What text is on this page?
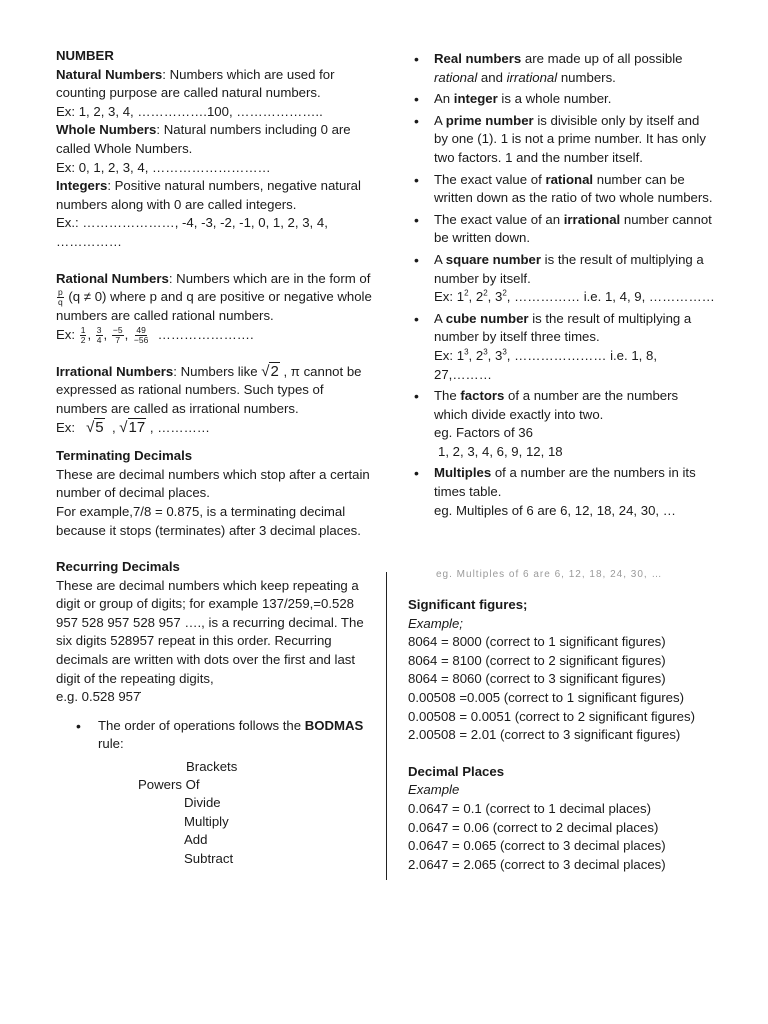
NUMBER

Natural Numbers: Numbers which are used for counting purpose are called natural numbers.

Ex: 1, 2, 3, 4, …………….100, ………………..

Whole Numbers: Natural numbers including 0 are called Whole Numbers.

Ex: 0, 1, 2, 3, 4, ………………………

Integers: Positive natural numbers, negative natural numbers along with 0 are called integers.

Ex.: …………………, -4, -3, -2, -1, 0, 1, 2, 3, 4, ……………

Rational Numbers: Numbers which are in the form of
$\frac{p}{q} (q \ne 0)$ where p and q are positive or negative whole numbers are called rational numbers.

Ex: $\frac{1}{2}$ , $\frac{3}{4}$ , $\frac{-5}{7}$ , $\frac{49}{-56}$ ………………….

Irrational Numbers: Numbers like √2 , π cannot be expressed as rational numbers. Such types of numbers are called as irrational numbers.

Ex: √5  , √17 , …………

Terminating Decimals

These are decimal numbers which stop after a certain number of decimal places.

For example,7/8 = 0.875, is a terminating decimal because it stops (terminates) after 3 decimal places.

Recurring Decimals

These are decimal numbers which keep repeating a digit or group of digits; for example 137/259,=0.528 957 528 957 528 957 …., is a recurring decimal. The six digits 528957 repeat in this order. Recurring decimals are written with dots over the first and last digit of the repeating digits,

e.g. 0.5̇28 957̇

• The order of operations follows the BODMAS rule:
Brackets
Powers Of
Divide
Multiply
Add
Subtract
• Real numbers are made up of all possible rational and irrational numbers.
• An integer is a whole number.
• A prime number is divisible only by itself and by one (1). 1 is not a prime number. It has only two factors. 1 and the number itself.
• The exact value of rational number can be written down as the ratio of two whole numbers.
• The exact value of an irrational number cannot be written down.
• A square number is the result of multiplying a number by itself.

Ex: $1^2$, $2^2$, $3^2$, …………… i.e. 1, 4, 9, ……………

• A cube number is the result of multiplying a number by itself three times.

Ex: $1^3$, $2^3$, $3^3$, ………………… i.e. 1, 8, 27,………

• The factors of a number are the numbers which divide exactly into two.

eg. Factors of 36

1, 2, 3, 4, 6, 9, 12, 18

• Multiples of a number are the numbers in its times table.

eg. Multiples of 6 are 6, 12, 18, 24, 30, …

eg. Multiples of 6 are 6, 12, 18, 24, 30, …

Significant figures;

Example;

8064 = 8000 (correct to 1 significant figures)

8064 = 8100 (correct to 2 significant figures)

8064 = 8060 (correct to 3 significant figures)

0.00508 =0.005 (correct to 1 significant figures)

0.00508 = 0.0051 (correct to 2 significant figures)

2.00508 = 2.01 (correct to 3 significant figures)

Decimal Places

Example

0.0647 = 0.1 (correct to 1 decimal places)

0.0647 = 0.06 (correct to 2 decimal places)

0.0647 = 0.065 (correct to 3 decimal places)

2.0647 = 2.065 (correct to 3 decimal places)
